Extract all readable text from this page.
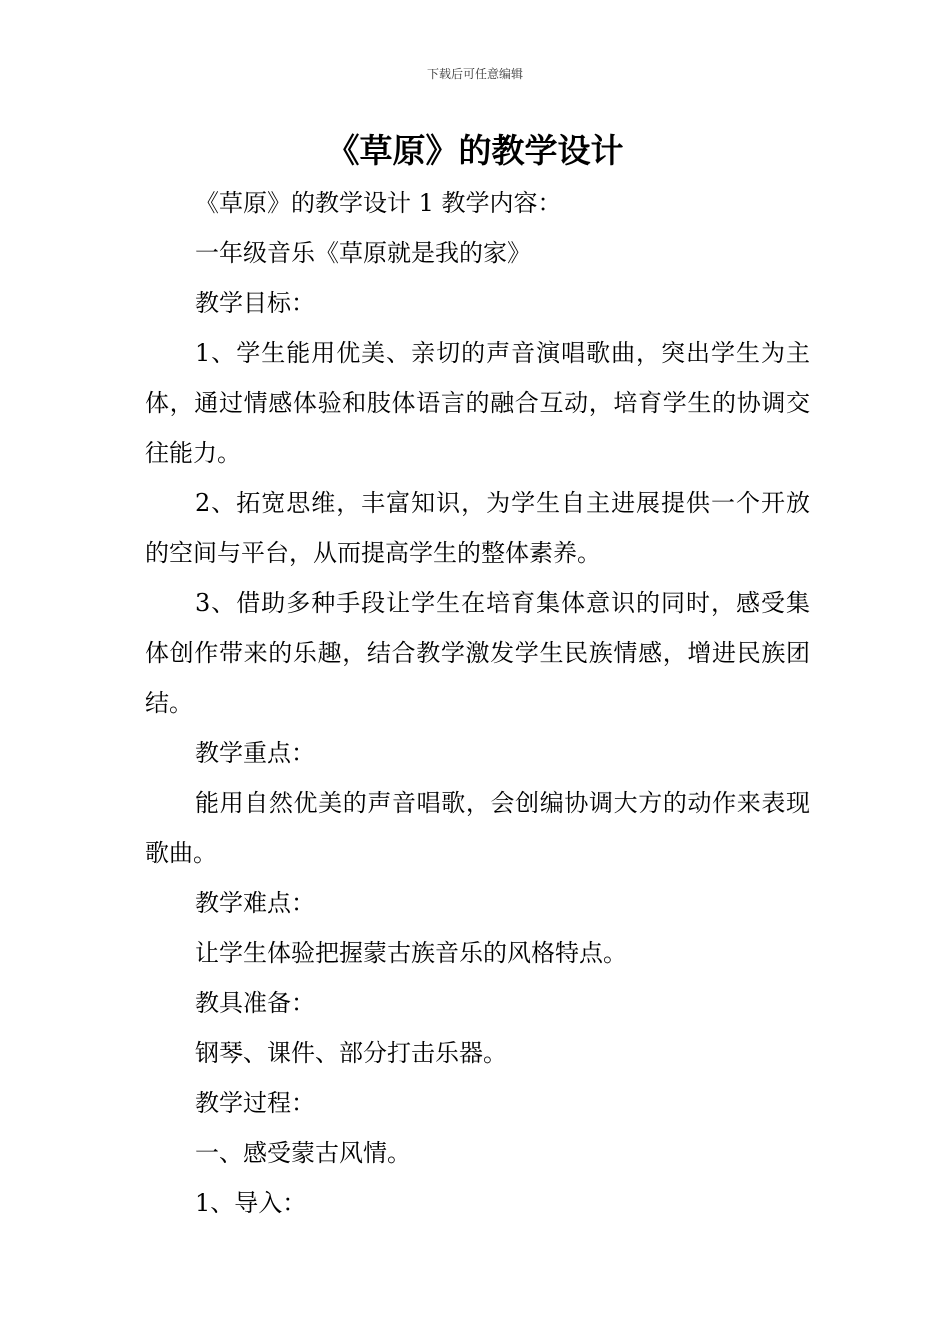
下载后可任意编辑
《草原》的教学设计

《草原》的教学设计 1 教学内容：

一年级音乐《草原就是我的家》

教学目标：

1、学生能用优美、亲切的声音演唱歌曲，突出学生为主体，通过情感体验和肢体语言的融合互动，培育学生的协调交往能力。

2、拓宽思维，丰富知识，为学生自主进展提供一个开放的空间与平台，从而提高学生的整体素养。

3、借助多种手段让学生在培育集体意识的同时，感受集体创作带来的乐趣，结合教学激发学生民族情感，增进民族团结。

教学重点：

能用自然优美的声音唱歌，会创编协调大方的动作来表现歌曲。

教学难点：

让学生体验把握蒙古族音乐的风格特点。

教具准备：

钢琴、课件、部分打击乐器。

教学过程：

一、感受蒙古风情。

1、导入：
